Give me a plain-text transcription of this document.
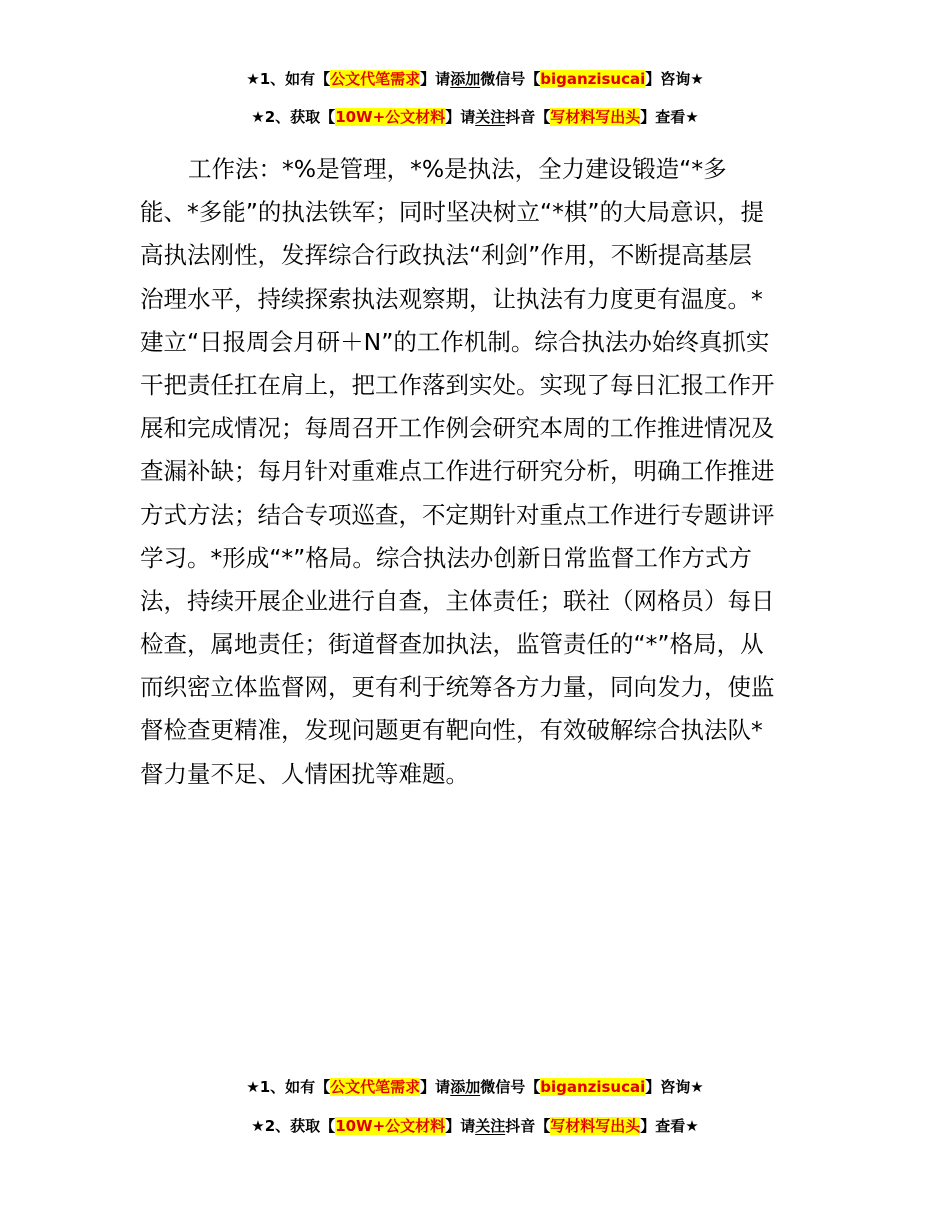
★1、如有【公文代笔需求】请添加微信号【biganzisucai】咨询★
★2、获取【10W+公文材料】请关注抖音【写材料写出头】查看★
工作法：*%是管理，*%是执法，全力建设锻造“*多
能、*多能”的执法铁军；同时坚决树立“*棋”的大局意识，提
高执法刚性，发挥综合行政执法“利剑”作用，不断提高基层
治理水平，持续探索执法观察期，让执法有力度更有温度。*
建立“日报周会月研＋N”的工作机制。综合执法办始终真抓实
干把责任扛在肩上，把工作落到实处。实现了每日汇报工作开
展和完成情况；每周召开工作例会研究本周的工作推进情况及
查漏补缺；每月针对重难点工作进行研究分析，明确工作推进
方式方法；结合专项巡查，不定期针对重点工作进行专题讲评
学习。*形成“*”格局。综合执法办创新日常监督工作方式方
法，持续开展企业进行自查，主体责任；联社（网格员）每日
检查，属地责任；街道督查加执法，监管责任的“*”格局，从
而织密立体监督网，更有利于统筹各方力量，同向发力，使监
督检查更精准，发现问题更有靶向性，有效破解综合执法队*
督力量不足、人情困扰等难题。
★1、如有【公文代笔需求】请添加微信号【biganzisucai】咨询★
★2、获取【10W+公文材料】请关注抖音【写材料写出头】查看★
